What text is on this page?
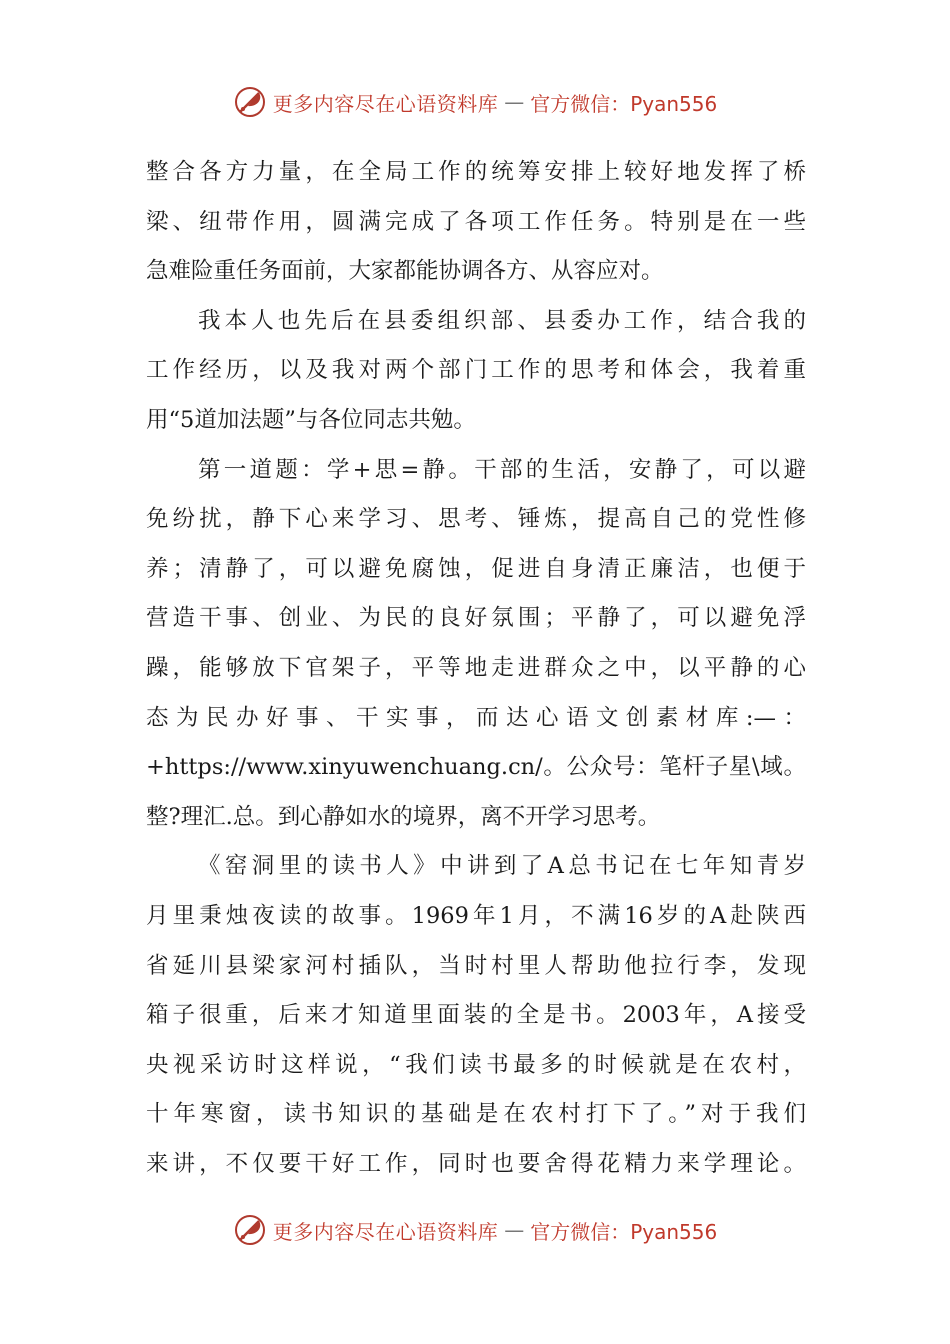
更多内容尽在心语资料库 — 官方微信：Pyan556
整合各方力量，在全局工作的统筹安排上较好地发挥了桥
梁、纽带作用，圆满完成了各项工作任务。特别是在一些
急难险重任务面前，大家都能协调各方、从容应对。
我本人也先后在县委组织部、县委办工作，结合我的
工作经历，以及我对两个部门工作的思考和体会，我着重
用“5道加法题”与各位同志共勉。
第一道题：学+思=静。干部的生活，安静了，可以避
免纷扰，静下心来学习、思考、锤炼，提高自己的党性修
养；清静了，可以避免腐蚀，促进自身清正廉洁，也便于
营造干事、创业、为民的良好氛围；平静了，可以避免浮
躁，能够放下官架子，平等地走进群众之中，以平静的心
态为民办好事、干实事，而达心语文创素材库:—：
+https://www.xinyuwenchuang.cn/。公众号：笔杆子星\域。
整?理汇.总。到心静如水的境界，离不开学习思考。
《窑洞里的读书人》中讲到了A总书记在七年知青岁
月里秉烛夜读的故事。1969年1月，不满16岁的A赴陕西
省延川县梁家河村插队，当时村里人帮助他拉行李，发现
箱子很重，后来才知道里面装的全是书。2003年，A接受
央视采访时这样说，“我们读书最多的时候就是在农村，
十年寒窗，读书知识的基础是在农村打下了。”对于我们
来讲，不仅要干好工作，同时也要舍得花精力来学理论。
更多内容尽在心语资料库 — 官方微信：Pyan556
